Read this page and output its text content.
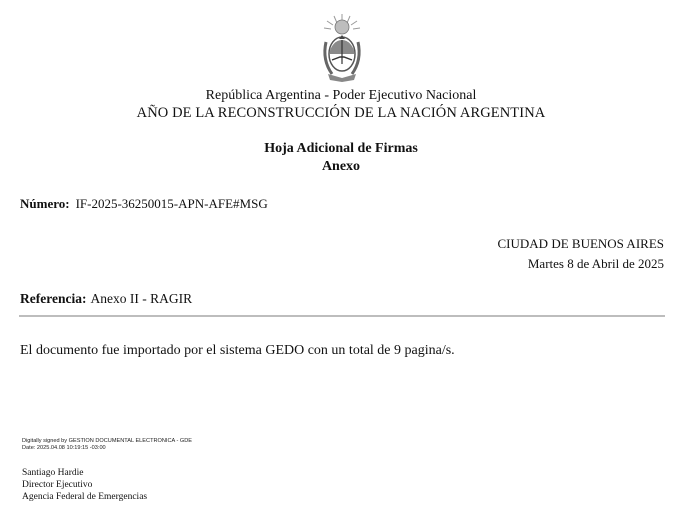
República Argentina - Poder Ejecutivo Nacional
AÑO DE LA RECONSTRUCCIÓN DE LA NACIÓN ARGENTINA
Hoja Adicional de Firmas
Anexo
Número: IF-2025-36250015-APN-AFE#MSG
CIUDAD DE BUENOS AIRES
Martes 8 de Abril de 2025
Referencia: Anexo II - RAGIR
El documento fue importado por el sistema GEDO con un total de 9 pagina/s.
Digitally signed by GESTION DOCUMENTAL ELECTRONICA - GDE
Date: 2025.04.08 10:19:15 -03:00
Santiago Hardie
Director Ejecutivo
Agencia Federal de Emergencias
